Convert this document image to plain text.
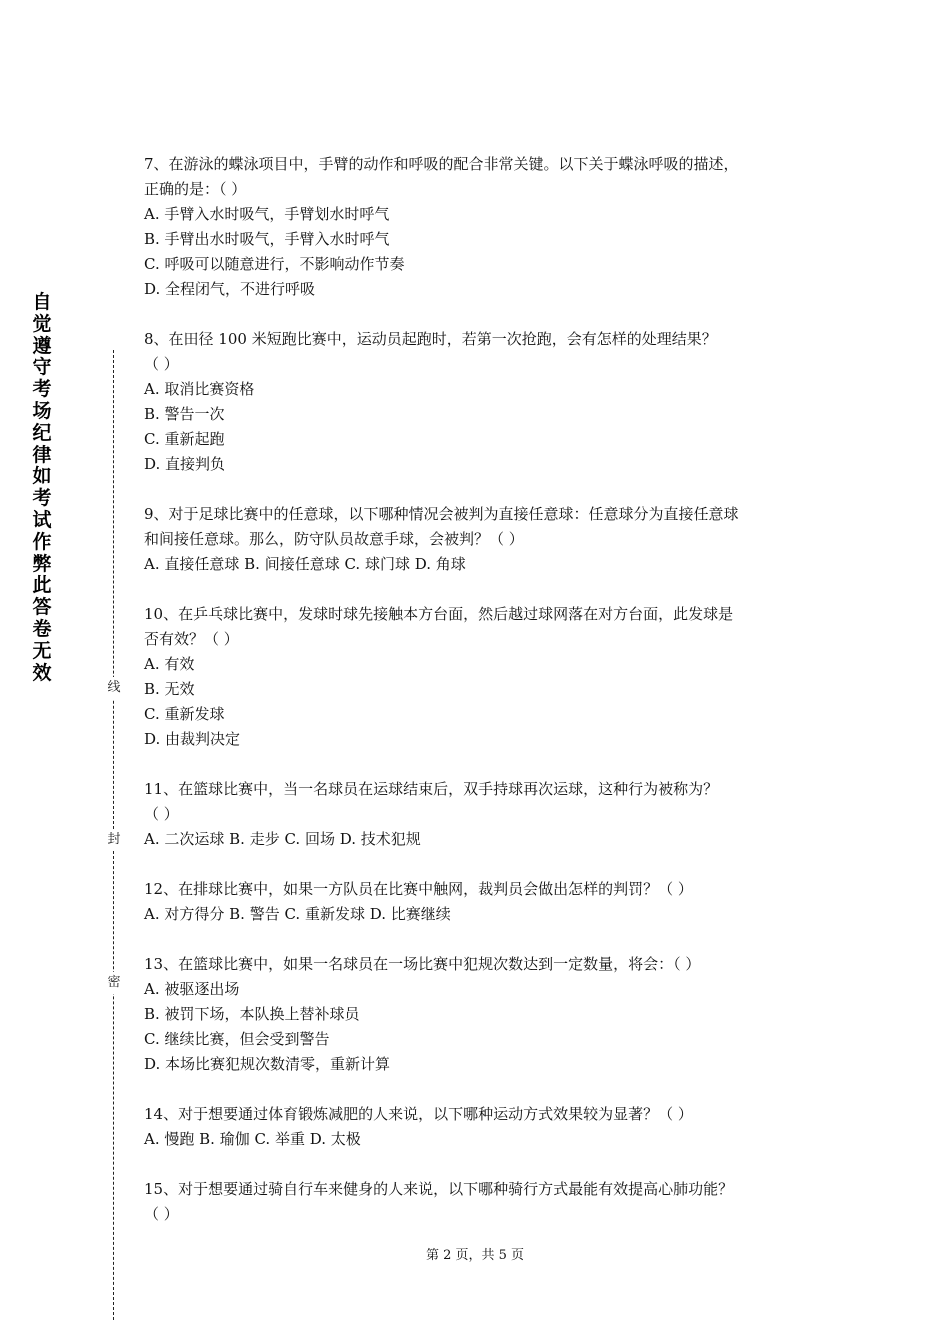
自
觉
遵
守
考
场
纪
律
如
考
试
作
弊
此
答
卷
无
效
线
封
密

7、在游泳的蝶泳项目中，手臂的动作和呼吸的配合非常关键。以下关于蝶泳呼吸的描述，

正确的是：（ ）

A. 手臂入水时吸气，手臂划水时呼气

B. 手臂出水时吸气，手臂入水时呼气

C. 呼吸可以随意进行，不影响动作节奏

D. 全程闭气，不进行呼吸

8、在田径 100 米短跑比赛中，运动员起跑时，若第一次抢跑，会有怎样的处理结果？

（ ）

A. 取消比赛资格

B. 警告一次

C. 重新起跑

D. 直接判负

9、对于足球比赛中的任意球，以下哪种情况会被判为直接任意球：任意球分为直接任意球

和间接任意球。那么，防守队员故意手球，会被判？（ ）

A. 直接任意球 B. 间接任意球 C. 球门球 D. 角球

10、在乒乓球比赛中，发球时球先接触本方台面，然后越过球网落在对方台面，此发球是

否有效？（ ）

A. 有效

B. 无效

C. 重新发球

D. 由裁判决定

11、在篮球比赛中，当一名球员在运球结束后，双手持球再次运球，这种行为被称为？

（ ）

A. 二次运球 B. 走步 C. 回场 D. 技术犯规

12、在排球比赛中，如果一方队员在比赛中触网，裁判员会做出怎样的判罚？（ ）

A. 对方得分 B. 警告 C. 重新发球 D. 比赛继续

13、在篮球比赛中，如果一名球员在一场比赛中犯规次数达到一定数量，将会：（ ）

A. 被驱逐出场

B. 被罚下场，本队换上替补球员

C. 继续比赛，但会受到警告

D. 本场比赛犯规次数清零，重新计算

14、对于想要通过体育锻炼减肥的人来说，以下哪种运动方式效果较为显著？（ ）

A. 慢跑 B. 瑜伽 C. 举重 D. 太极

15、对于想要通过骑自行车来健身的人来说，以下哪种骑行方式最能有效提高心肺功能？

（ ）

第 2 页，共 5 页
